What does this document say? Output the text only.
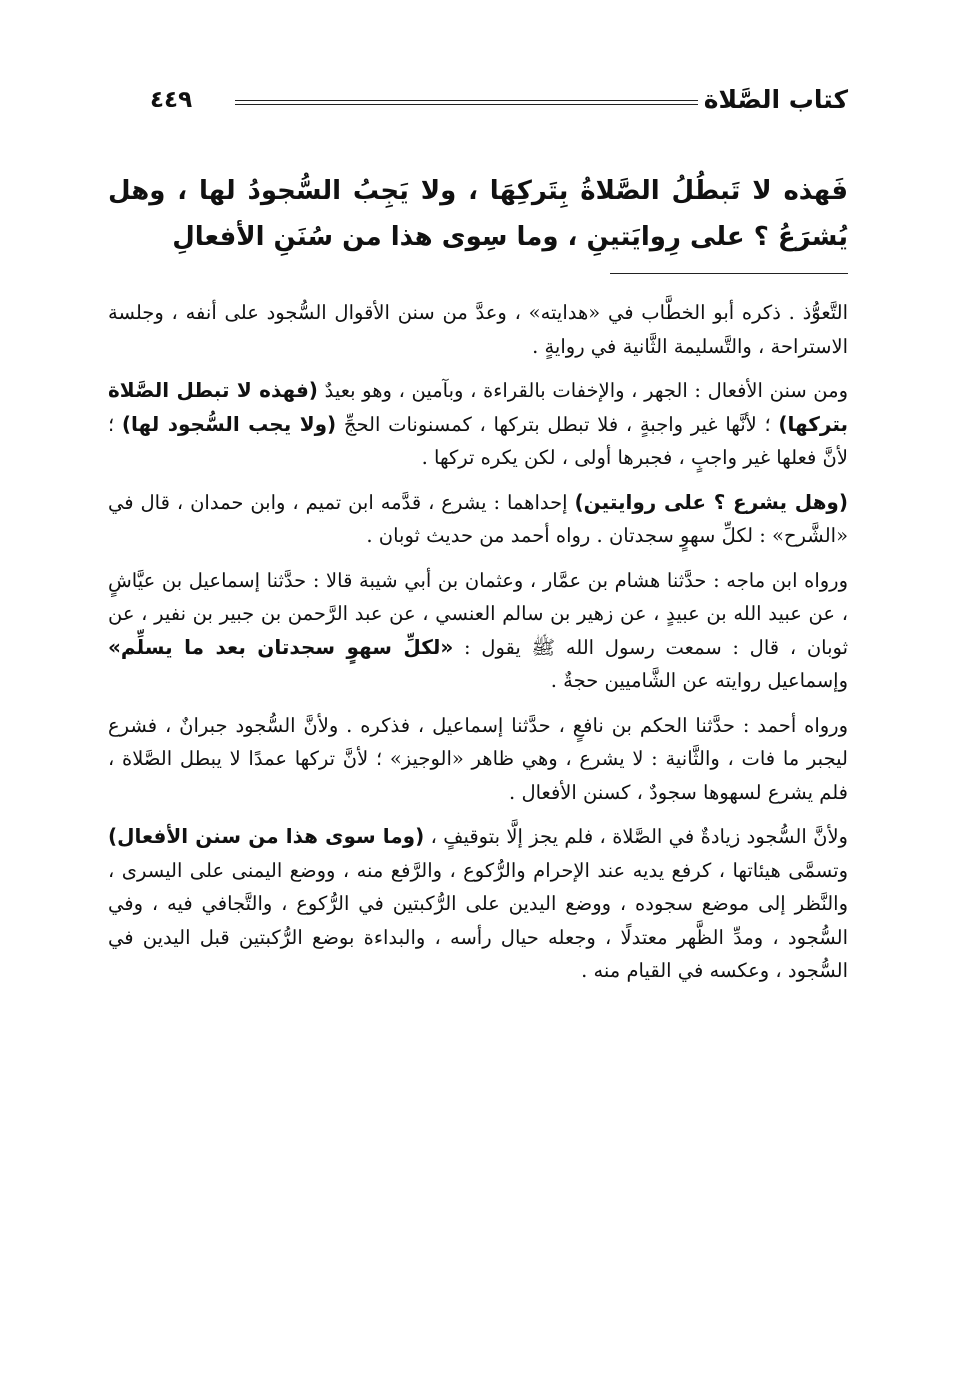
كتاب الصَّلاة
٤٤٩
فَهذه لا تَبطُلُ الصَّلاةُ بِتَركِهَا ، ولا يَجِبُ السُّجودُ لها ، وهل يُشرَعُ ؟ على رِوايَتينِ ، وما سِوى هذا من سُنَنِ الأفعالِ

التَّعوُّذ . ذكره أبو الخطَّاب في «هدايته» ، وعدَّ من سنن الأقوال السُّجود على أنفه ، وجلسة الاستراحة ، والتَّسليمة الثَّانية في روايةٍ .

ومن سنن الأفعال : الجهر ، والإخفات بالقراءة ، وبآمين ، وهو بعيدٌ (فهذه لا تبطل الصَّلاة بتركها) ؛ لأنَّها غير واجبةٍ ، فلا تبطل بتركها ، كمسنونات الحجِّ (ولا يجب السُّجود لها) ؛ لأنَّ فعلها غير واجبٍ ، فجبرها أولى ، لكن يكره تركها .

(وهل يشرع ؟ على روايتين) إحداهما : يشرع ، قدَّمه ابن تميم ، وابن حمدان ، قال في «الشَّرح» : لكلِّ سهوٍ سجدتان . رواه أحمد من حديث ثوبان .

ورواه ابن ماجه : حدَّثنا هشام بن عمَّار ، وعثمان بن أبي شيبة قالا : حدَّثنا إسماعيل بن عيَّاشٍ ، عن عبيد الله بن عبيدٍ ، عن زهير بن سالم العنسي ، عن عبد الرَّحمن بن جبير بن نفير ، عن ثوبان ، قال : سمعت رسول الله ﷺ يقول : «لكلِّ سهوٍ سجدتان بعد ما يسلِّم» وإسماعيل روايته عن الشَّاميين حجةٌ .

ورواه أحمد : حدَّثنا الحكم بن نافعٍ ، حدَّثنا إسماعيل ، فذكره . ولأنَّ السُّجود جبرانٌ ، فشرع ليجبر ما فات ، والثَّانية : لا يشرع ، وهي ظاهر «الوجيز» ؛ لأنَّ تركها عمدًا لا يبطل الصَّلاة ، فلم يشرع لسهوها سجودٌ ، كسنن الأفعال .

ولأنَّ السُّجود زيادةٌ في الصَّلاة ، فلم يجز إلَّا بتوقيفٍ ، (وما سوى هذا من سنن الأفعال) وتسمَّى هيئاتها ، كرفع يديه عند الإحرام والرُّكوع ، والرَّفع منه ، ووضع اليمنى على اليسرى ، والنَّظر إلى موضع سجوده ، ووضع اليدين على الرُّكبتين في الرُّكوع ، والتَّجافي فيه ، وفي السُّجود ، ومدِّ الظَّهر معتدلًا ، وجعله حيال رأسه ، والبداءة بوضع الرُّكبتين قبل اليدين في السُّجود ، وعكسه في القيام منه .
